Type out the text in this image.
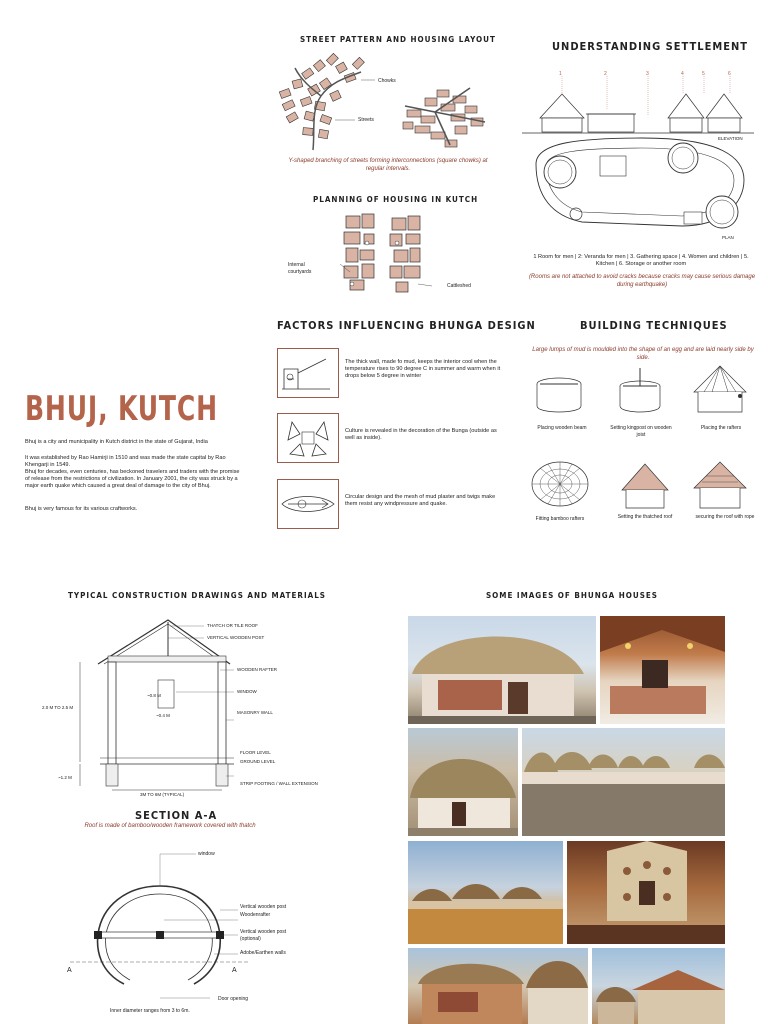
STREET PATTERN AND HOUSING LAYOUT
Chowks
Streets
Y-shaped branching of streets forming interconnections (square chowks) at regular intervals.
PLANNING OF HOUSING IN KUTCH
Internal courtyards
Cattleshed
UNDERSTANDING SETTLEMENT
1	2	3	4	5	6
ELEVATION
PLAN
1 Room for men | 2: Veranda for men | 3. Gathering space | 4. Women and children | 5. Kitchen | 6. Storage or another room
(Rooms are not attached to avoid cracks because cracks may cause serious damage during earthquake)
FACTORS INFLUENCING BHUNGA DESIGN
The thick wall, made fo mud, keeps the interior cool when the temperature rises to 90 degree C in summer and warm when it drops below 5 degree in winter
Culture is revealed in the decoration of the Bunga (outside as well as inside).
Circular design and the mesh of mud plaster and twigs make them resist any windpressure and quake.
BUILDING TECHNIQUES
Large lumps of mud is moulded into the shape of an egg and are laid nearly side by side.
Placing wooden beam	Setting kingpost on wooden joist
Placing the rafters
Fitting bamboo rafters	Setting the thatched roof	securing the roof with rope
BHUJ, KUTCH
Bhuj is a city and municipality in Kutch district in the state of Gujarat, India
It was established by Rao Hamirji in 1510 and was made the state capital by Rao Khengarji in 1549.
Bhuj for decades, even centuries, has beckoned travelers and traders with the promise of release from the restrictions of civilization. In January 2001, the city was struck by a major earth quake which caused a great deal of damage to the city of Bhuj.
Bhuj is very famous for its various craftworks.
TYPICAL CONSTRUCTION DRAWINGS AND MATERIALS
THATCH OR TILE ROOF
VERTICAL WOODEN POST
WOODEN RAFTER
WINDOW
MASONRY WALL
FLOOR LEVEL
GROUND LEVEL
STRIP FOOTING / WALL EXTENSION
2.0 M TO 2.5 M
~0.8 M
~0.4 M
~1.2 M
3M TO 6M (TYPICAL)
SECTION A-A
Roof is made of bamboo/wooden framework covered with thatch
window
Vertical wooden post
Woodenrafter
Vertical wooden post (optional)
Adobe/Earthen walls
A	A
Door opening
Inner diameter ranges from 3 to 6m.
SOME IMAGES OF BHUNGA HOUSES
